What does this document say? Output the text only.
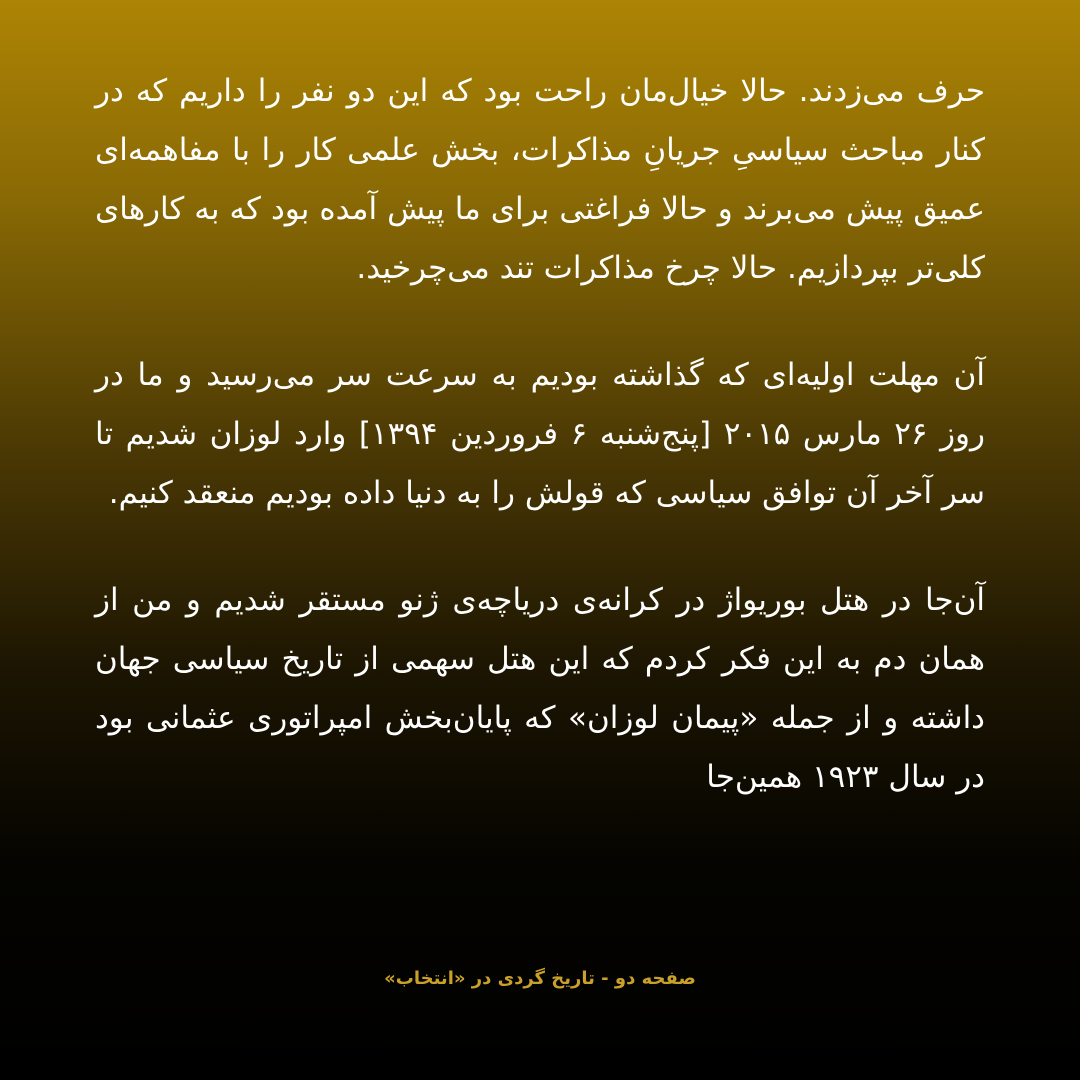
حرف می‌زدند. حالا خیال‌مان راحت بود که این دو نفر را داریم که در کنار مباحث سیاسیِ جریانِ مذاکرات، بخش علمی کار را با مفاهمه‌ای عمیق پیش می‌برند و حالا فراغتی برای ما پیش آمده بود که به کارهای کلی‌تر بپردازیم. حالا چرخ مذاکرات تند می‌چرخید.

آن مهلت اولیه‌ای که گذاشته بودیم به سرعت سر می‌رسید و ما در روز ۲۶ مارس ۲۰۱۵ [پنج‌شنبه ۶ فروردین ۱۳۹۴] وارد لوزان شدیم تا سر آخر آن توافق سیاسی که قولش را به دنیا داده بودیم منعقد کنیم.

آن‌جا در هتل بوریواژ در کرانه‌ی دریاچه‌ی ژنو مستقر شدیم و من از همان دم به این فکر کردم که این هتل سهمی از تاریخ سیاسی جهان داشته و از جمله «پیمان لوزان» که پایان‌بخش امپراتوری عثمانی بود در سال ۱۹۲۳ همین‌جا

صفحه دو - تاریخ گردی در «انتخاب»
